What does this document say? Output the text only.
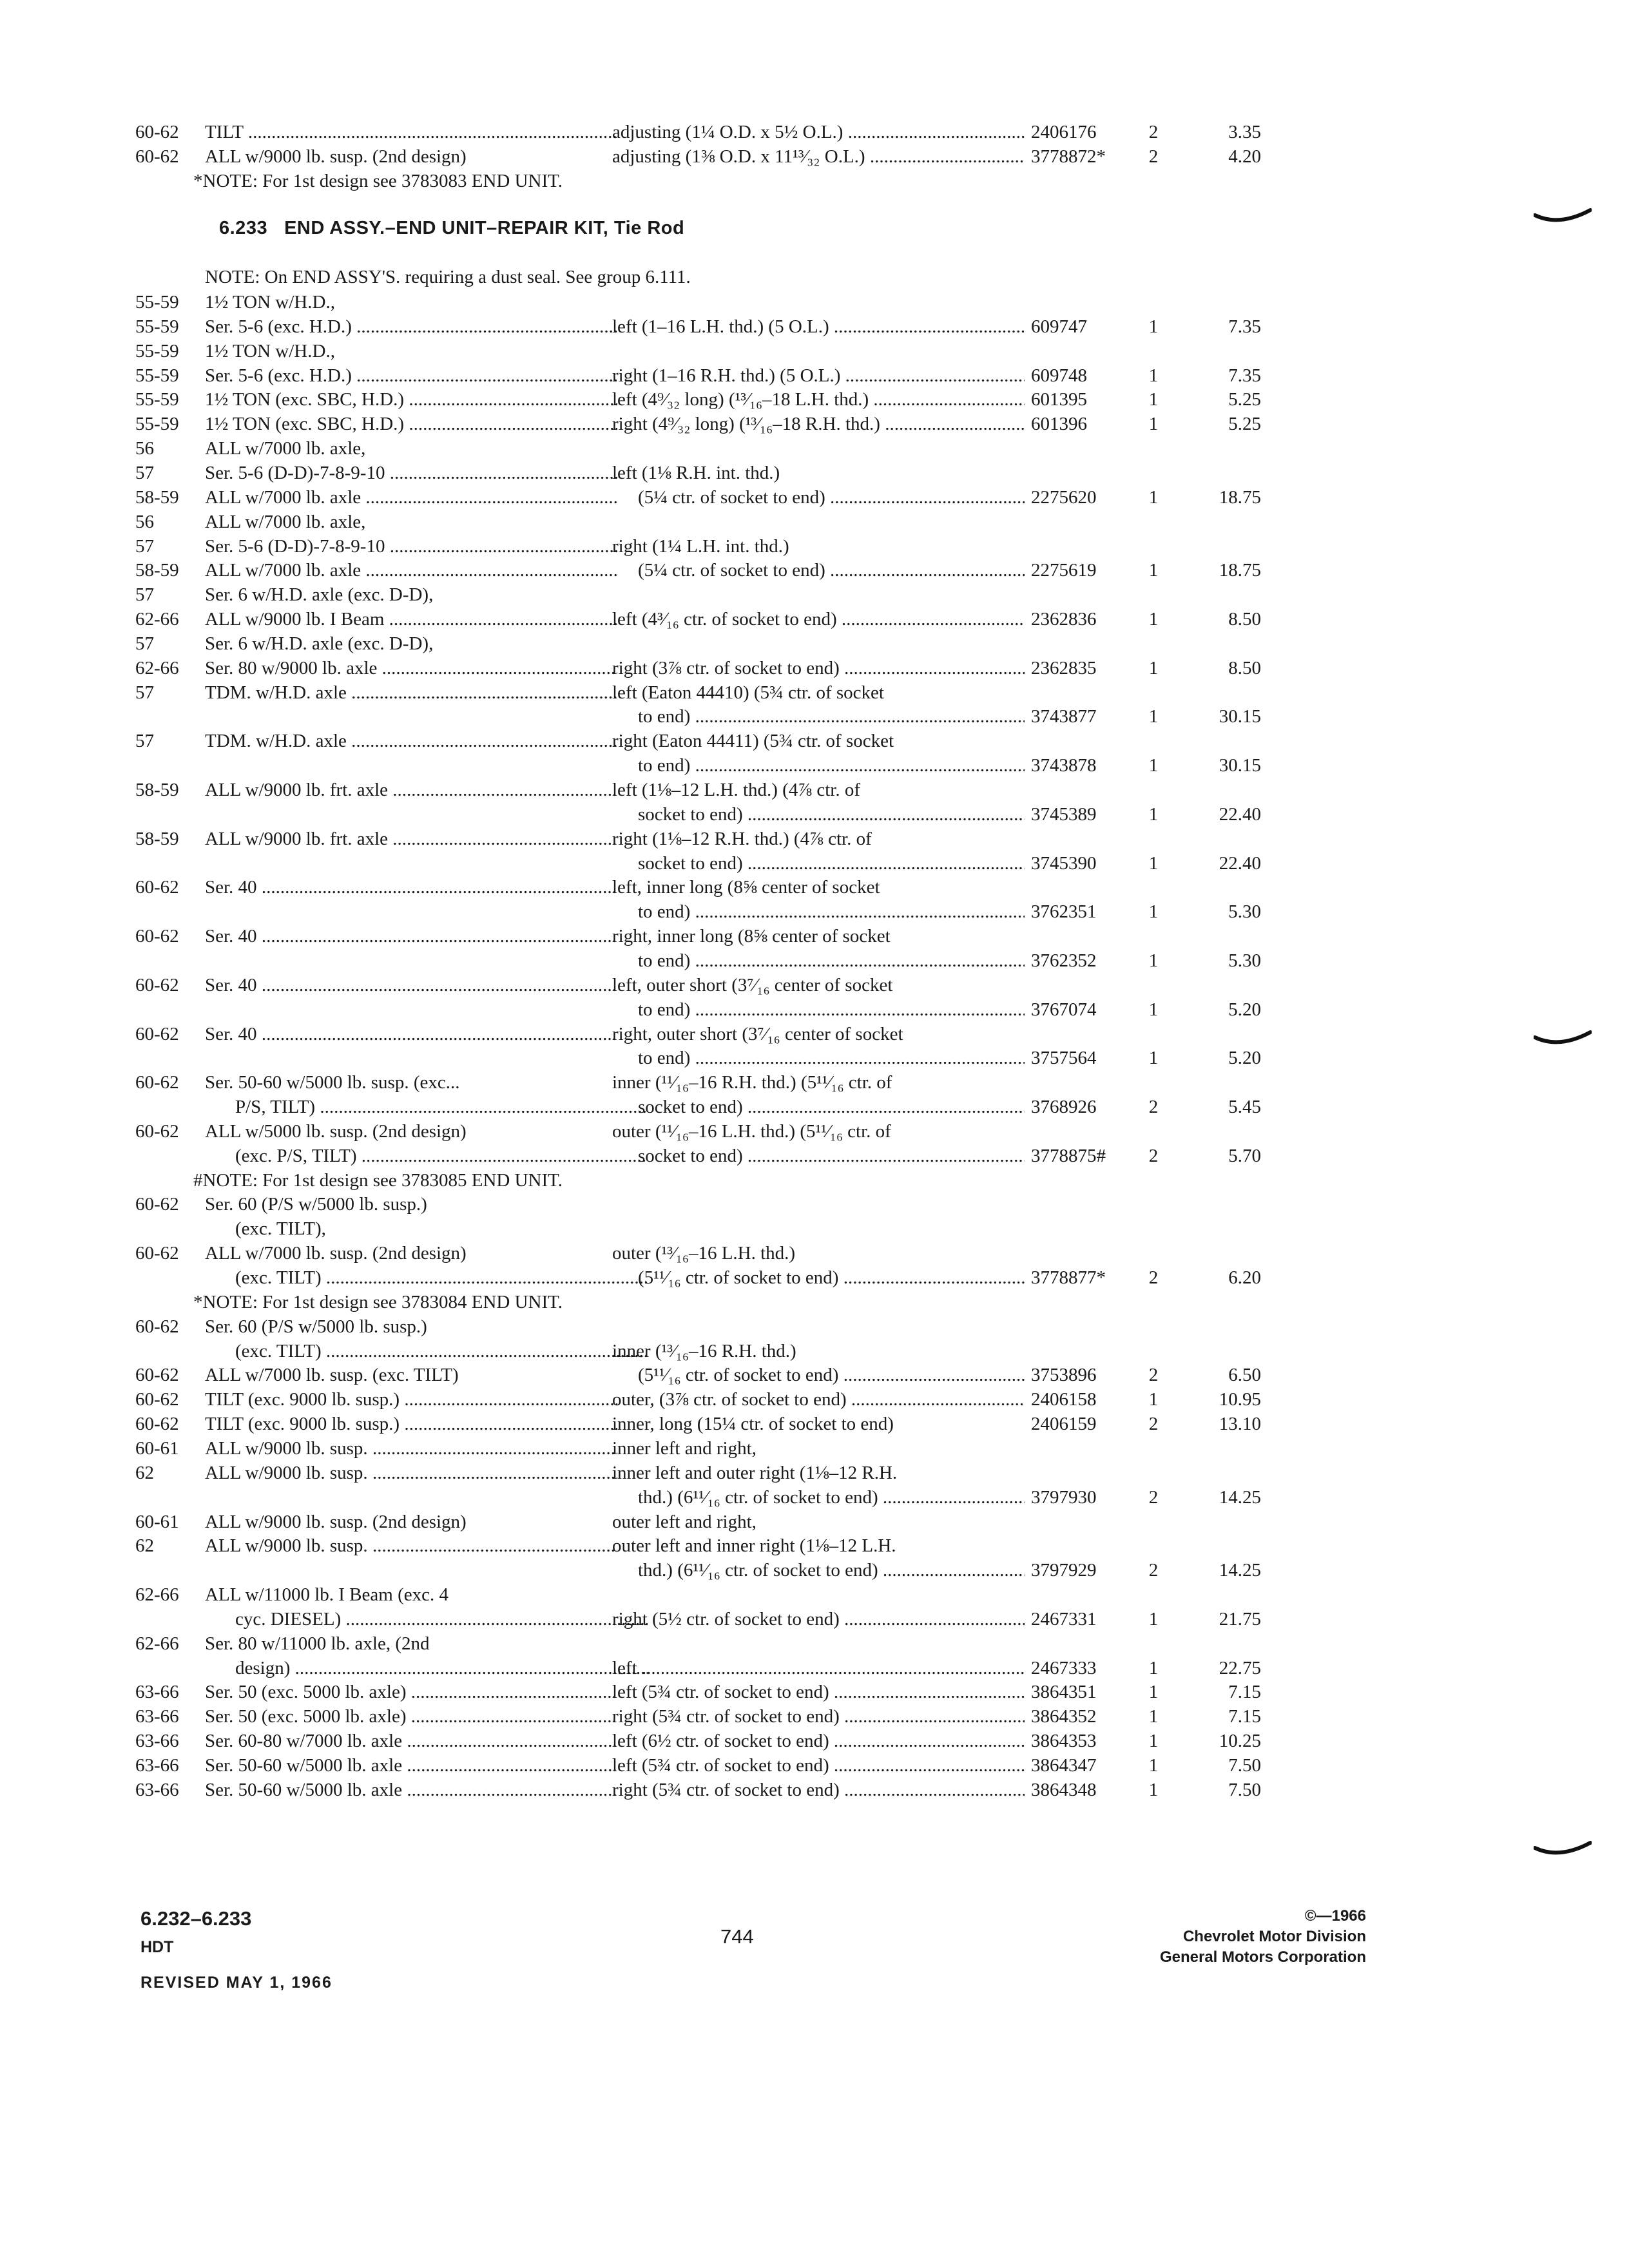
60-62	TILT .....	adjusting (1¼ O.D. x 5½ O.L.) .....	2406176	2	3.35
60-62	ALL w/9000 lb. susp. (2nd design)	adjusting (1⅜ O.D. x 11¹³⁄₃₂ O.L.) .....	3778872*	2	4.20
*NOTE: For 1st design see 3783083 END UNIT.
6.233 END ASSY.–END UNIT–REPAIR KIT, Tie Rod
NOTE: On END ASSY'S. requiring a dust seal. See group 6.111.
55-59	1½ TON w/H.D.,
55-59	Ser. 5-6 (exc. H.D.) .....	left (1–16 L.H. thd.) (5 O.L.) .....	609747	1	7.35
55-59	1½ TON w/H.D.,
55-59	Ser. 5-6 (exc. H.D.) .....	right (1–16 R.H. thd.) (5 O.L.) .....	609748	1	7.35
55-59	1½ TON (exc. SBC, H.D.) .....	left (4⁹⁄₃₂ long) (¹³⁄₁₆–18 L.H. thd.) .....	601395	1	5.25
55-59	1½ TON (exc. SBC, H.D.) .....	right (4⁹⁄₃₂ long) (¹³⁄₁₆–18 R.H. thd.) .....	601396	1	5.25
56	ALL w/7000 lb. axle,
57	Ser. 5-6 (D-D)-7-8-9-10 .....	left (1⅛ R.H. int. thd.)
58-59	ALL w/7000 lb. axle .....	(5¼ ctr. of socket to end) .....	2275620	1	18.75
56	ALL w/7000 lb. axle,
57	Ser. 5-6 (D-D)-7-8-9-10 .....	right (1¼ L.H. int. thd.)
58-59	ALL w/7000 lb. axle .....	(5¼ ctr. of socket to end) .....	2275619	1	18.75
57	Ser. 6 w/H.D. axle (exc. D-D),
62-66	ALL w/9000 lb. I Beam .....	left (4³⁄₁₆ ctr. of socket to end) .....	2362836	1	8.50
57	Ser. 6 w/H.D. axle (exc. D-D),
62-66	Ser. 80 w/9000 lb. axle .....	right (3⅞ ctr. of socket to end) .....	2362835	1	8.50
57	TDM. w/H.D. axle .....	left (Eaton 44410) (5¾ ctr. of socket
to end) .....	3743877	1	30.15
57	TDM. w/H.D. axle .....	right (Eaton 44411) (5¾ ctr. of socket
to end) .....	3743878	1	30.15
58-59	ALL w/9000 lb. frt. axle .....	left (1⅛–12 L.H. thd.) (4⅞ ctr. of
socket to end) .....	3745389	1	22.40
58-59	ALL w/9000 lb. frt. axle .....	right (1⅛–12 R.H. thd.) (4⅞ ctr. of
socket to end) .....	3745390	1	22.40
60-62	Ser. 40 .....	left, inner long (8⅝ center of socket
to end) .....	3762351	1	5.30
60-62	Ser. 40 .....	right, inner long (8⅝ center of socket
to end) .....	3762352	1	5.30
60-62	Ser. 40 .....	left, outer short (3⁷⁄₁₆ center of socket
to end) .....	3767074	1	5.20
60-62	Ser. 40 .....	right, outer short (3⁷⁄₁₆ center of socket
to end) .....	3757564	1	5.20
60-62	Ser. 50-60 w/5000 lb. susp. (exc...	inner (¹¹⁄₁₆–16 R.H. thd.) (5¹¹⁄₁₆ ctr. of
P/S, TILT) .....	socket to end) .....	3768926	2	5.45
60-62	ALL w/5000 lb. susp. (2nd design)	outer (¹¹⁄₁₆–16 L.H. thd.) (5¹¹⁄₁₆ ctr. of
(exc. P/S, TILT) .....	socket to end) .....	3778875#	2	5.70
#NOTE: For 1st design see 3783085 END UNIT.
60-62	Ser. 60 (P/S w/5000 lb. susp.)
(exc. TILT),
60-62	ALL w/7000 lb. susp. (2nd design)	outer (¹³⁄₁₆–16 L.H. thd.)
(exc. TILT) .....	(5¹¹⁄₁₆ ctr. of socket to end) .....	3778877*	2	6.20
*NOTE: For 1st design see 3783084 END UNIT.
60-62	Ser. 60 (P/S w/5000 lb. susp.)
(exc. TILT) .....	inner (¹³⁄₁₆–16 R.H. thd.)
60-62	ALL w/7000 lb. susp. (exc. TILT)	(5¹¹⁄₁₆ ctr. of socket to end) .....	3753896	2	6.50
60-62	TILT (exc. 9000 lb. susp.) .....	outer, (3⅞ ctr. of socket to end) .....	2406158	1	10.95
60-62	TILT (exc. 9000 lb. susp.) .....	inner, long (15¼ ctr. of socket to end)	2406159	2	13.10
60-61	ALL w/9000 lb. susp. .....	inner left and right,
62	ALL w/9000 lb. susp. .....	inner left and outer right (1⅛–12 R.H.
thd.) (6¹¹⁄₁₆ ctr. of socket to end) .....	3797930	2	14.25
60-61	ALL w/9000 lb. susp. (2nd design)	outer left and right,
62	ALL w/9000 lb. susp. .....	outer left and inner right (1⅛–12 L.H.
thd.) (6¹¹⁄₁₆ ctr. of socket to end) .....	3797929	2	14.25
62-66	ALL w/11000 lb. I Beam (exc. 4
cyc. DIESEL) .....	right (5½ ctr. of socket to end) .....	2467331	1	21.75
62-66	Ser. 80 w/11000 lb. axle, (2nd
design) .....	left .....	2467333	1	22.75
63-66	Ser. 50 (exc. 5000 lb. axle) .....	left (5¾ ctr. of socket to end) .....	3864351	1	7.15
63-66	Ser. 50 (exc. 5000 lb. axle) .....	right (5¾ ctr. of socket to end) .....	3864352	1	7.15
63-66	Ser. 60-80 w/7000 lb. axle .....	left (6½ ctr. of socket to end) .....	3864353	1	10.25
63-66	Ser. 50-60 w/5000 lb. axle .....	left (5¾ ctr. of socket to end) .....	3864347	1	7.50
63-66	Ser. 50-60 w/5000 lb. axle .....	right (5¾ ctr. of socket to end) .....	3864348	1	7.50
6.232–6.233
HDT
REVISED MAY 1, 1966
744
©—1966
Chevrolet Motor Division
General Motors Corporation
